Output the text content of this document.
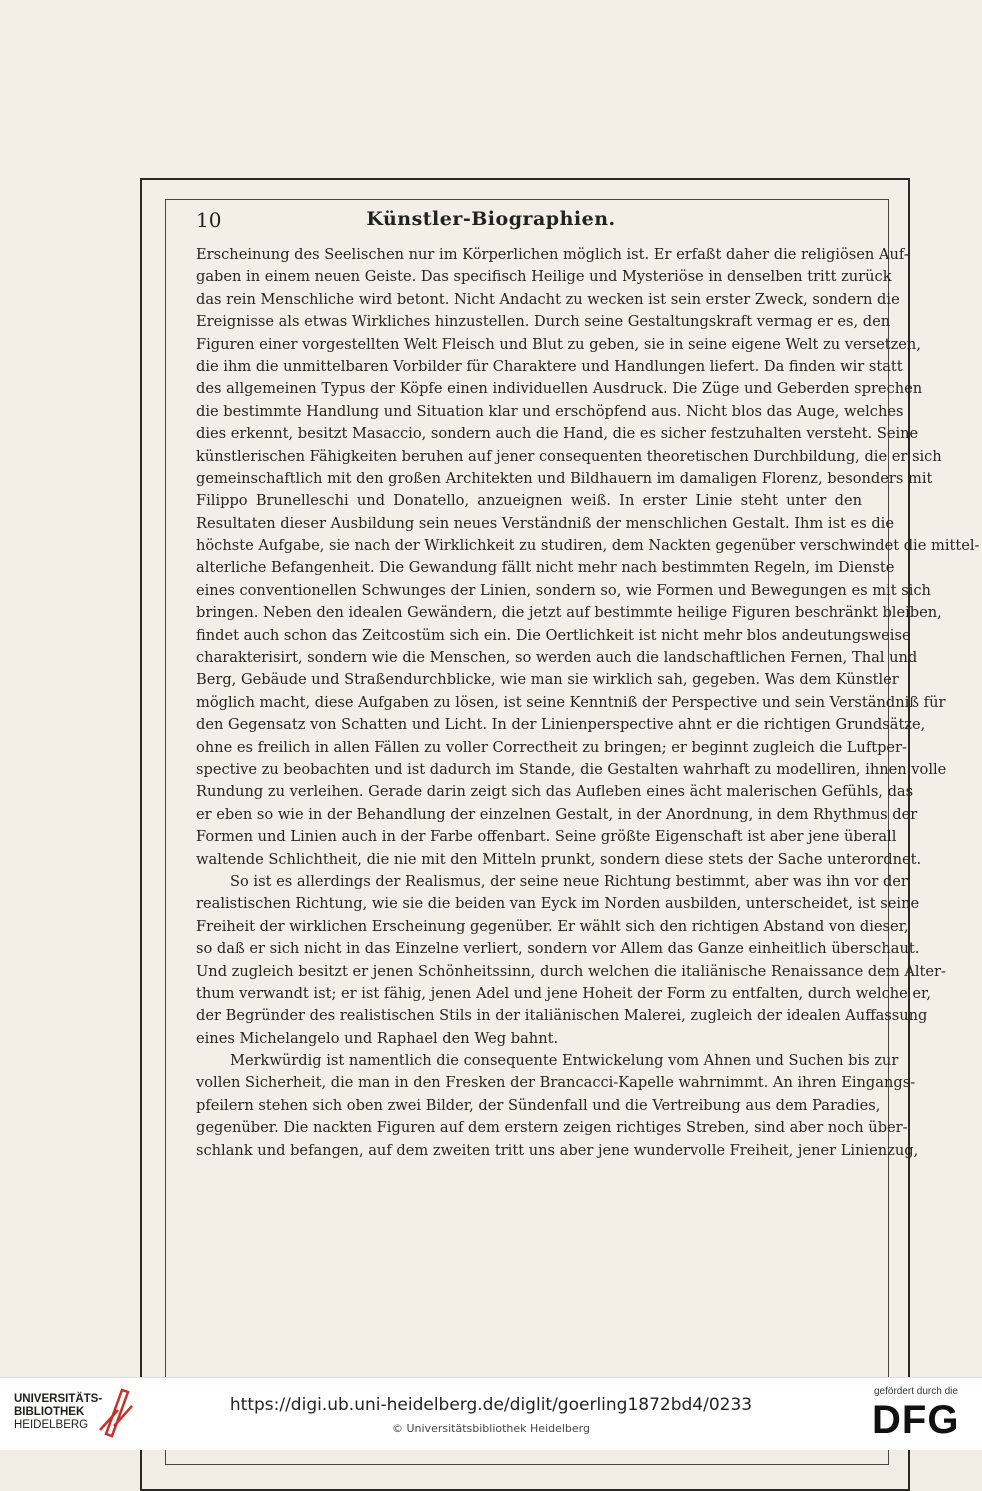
10	Künstler-Biographien.
Erscheinung des Seelischen nur im Körperlichen möglich ist. Er erfaßt daher die religiösen Auf-
gaben in einem neuen Geiste. Das specifisch Heilige und Mysteriöse in denselben tritt zurück
das rein Menschliche wird betont. Nicht Andacht zu wecken ist sein erster Zweck, sondern die
Ereignisse als etwas Wirkliches hinzustellen. Durch seine Gestaltungskraft vermag er es, den
Figuren einer vorgestellten Welt Fleisch und Blut zu geben, sie in seine eigene Welt zu versetzen,
die ihm die unmittelbaren Vorbilder für Charaktere und Handlungen liefert. Da finden wir statt
des allgemeinen Typus der Köpfe einen individuellen Ausdruck. Die Züge und Geberden sprechen
die bestimmte Handlung und Situation klar und erschöpfend aus. Nicht blos das Auge, welches
dies erkennt, besitzt Masaccio, sondern auch die Hand, die es sicher festzuhalten versteht. Seine
künstlerischen Fähigkeiten beruhen auf jener consequenten theoretischen Durchbildung, die er sich
gemeinschaftlich mit den großen Architekten und Bildhauern im damaligen Florenz, besonders mit
Filippo Brunelleschi und Donatello, anzueignen weiß. In erster Linie steht unter den
Resultaten dieser Ausbildung sein neues Verständniß der menschlichen Gestalt. Ihm ist es die
höchste Aufgabe, sie nach der Wirklichkeit zu studiren, dem Nackten gegenüber verschwindet die mittel-
alterliche Befangenheit. Die Gewandung fällt nicht mehr nach bestimmten Regeln, im Dienste
eines conventionellen Schwunges der Linien, sondern so, wie Formen und Bewegungen es mit sich
bringen. Neben den idealen Gewändern, die jetzt auf bestimmte heilige Figuren beschränkt bleiben,
findet auch schon das Zeitcostüm sich ein. Die Oertlichkeit ist nicht mehr blos andeutungsweise
charakterisirt, sondern wie die Menschen, so werden auch die landschaftlichen Fernen, Thal und
Berg, Gebäude und Straßendurchblicke, wie man sie wirklich sah, gegeben. Was dem Künstler
möglich macht, diese Aufgaben zu lösen, ist seine Kenntniß der Perspective und sein Verständniß für
den Gegensatz von Schatten und Licht. In der Linienperspective ahnt er die richtigen Grundsätze,
ohne es freilich in allen Fällen zu voller Correctheit zu bringen; er beginnt zugleich die Luftper-
spective zu beobachten und ist dadurch im Stande, die Gestalten wahrhaft zu modelliren, ihnen volle
Rundung zu verleihen. Gerade darin zeigt sich das Aufleben eines ächt malerischen Gefühls, das
er eben so wie in der Behandlung der einzelnen Gestalt, in der Anordnung, in dem Rhythmus der
Formen und Linien auch in der Farbe offenbart. Seine größte Eigenschaft ist aber jene überall
waltende Schlichtheit, die nie mit den Mitteln prunkt, sondern diese stets der Sache unterordnet.
So ist es allerdings der Realismus, der seine neue Richtung bestimmt, aber was ihn vor der
realistischen Richtung, wie sie die beiden van Eyck im Norden ausbilden, unterscheidet, ist seine
Freiheit der wirklichen Erscheinung gegenüber. Er wählt sich den richtigen Abstand von dieser,
so daß er sich nicht in das Einzelne verliert, sondern vor Allem das Ganze einheitlich überschaut.
Und zugleich besitzt er jenen Schönheitssinn, durch welchen die italiänische Renaissance dem Alter-
thum verwandt ist; er ist fähig, jenen Adel und jene Hoheit der Form zu entfalten, durch welche er,
der Begründer des realistischen Stils in der italiänischen Malerei, zugleich der idealen Auffassung
eines Michelangelo und Raphael den Weg bahnt.
Merkwürdig ist namentlich die consequente Entwickelung vom Ahnen und Suchen bis zur
vollen Sicherheit, die man in den Fresken der Brancacci-Kapelle wahrnimmt. An ihren Eingangs-
pfeilern stehen sich oben zwei Bilder, der Sündenfall und die Vertreibung aus dem Paradies,
gegenüber. Die nackten Figuren auf dem erstern zeigen richtiges Streben, sind aber noch über-
schlank und befangen, auf dem zweiten tritt uns aber jene wundervolle Freiheit, jener Linienzug,
UNIVERSITÄTS-
BIBLIOTHEK
HEIDELBERG
https://digi.ub.uni-heidelberg.de/diglit/goerling1872bd4/0233
© Universitätsbibliothek Heidelberg
gefördert durch die
DFG
